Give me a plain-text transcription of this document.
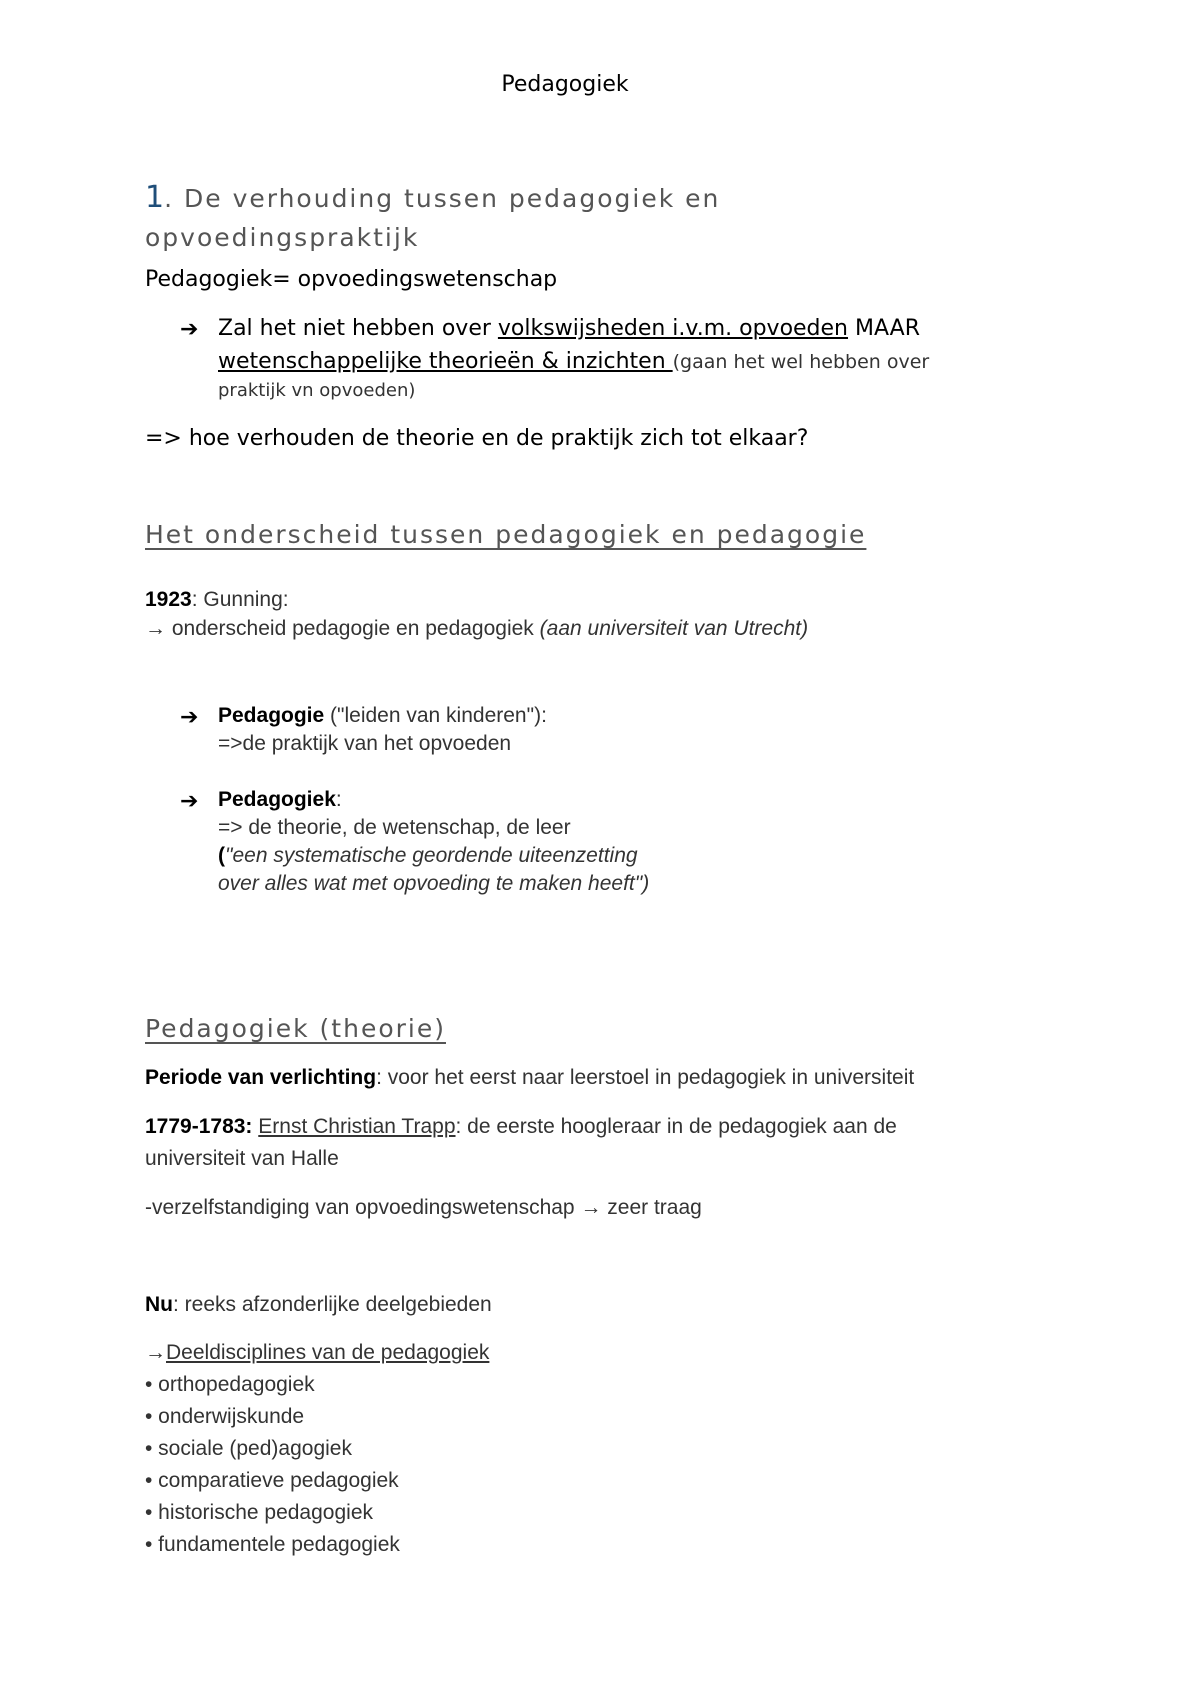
Pedagogiek
1. De verhouding tussen pedagogiek en
opvoedingspraktijk
Pedagogiek= opvoedingswetenschap
➔ Zal het niet hebben over volkswijsheden i.v.m. opvoeden MAAR
wetenschappelijke theorieën & inzichten (gaan het wel hebben over
praktijk vn opvoeden)
=> hoe verhouden de theorie en de praktijk zich tot elkaar?
Het onderscheid tussen pedagogiek en pedagogie
1923: Gunning:
→ onderscheid pedagogie en pedagogiek (aan universiteit van Utrecht)
➔ Pedagogie ("leiden van kinderen"):
=>de praktijk van het opvoeden
➔ Pedagogiek:
=> de theorie, de wetenschap, de leer
("een systematische geordende uiteenzetting
over alles wat met opvoeding te maken heeft")
Pedagogiek (theorie)
Periode van verlichting: voor het eerst naar leerstoel in pedagogiek in universiteit
1779-1783: Ernst Christian Trapp: de eerste hoogleraar in de pedagogiek aan de
universiteit van Halle
-verzelfstandiging van opvoedingswetenschap → zeer traag
Nu: reeks afzonderlijke deelgebieden
→Deeldisciplines van de pedagogiek
• orthopedagogiek
• onderwijskunde
• sociale (ped)agogiek
• comparatieve pedagogiek
• historische pedagogiek
• fundamentele pedagogiek
